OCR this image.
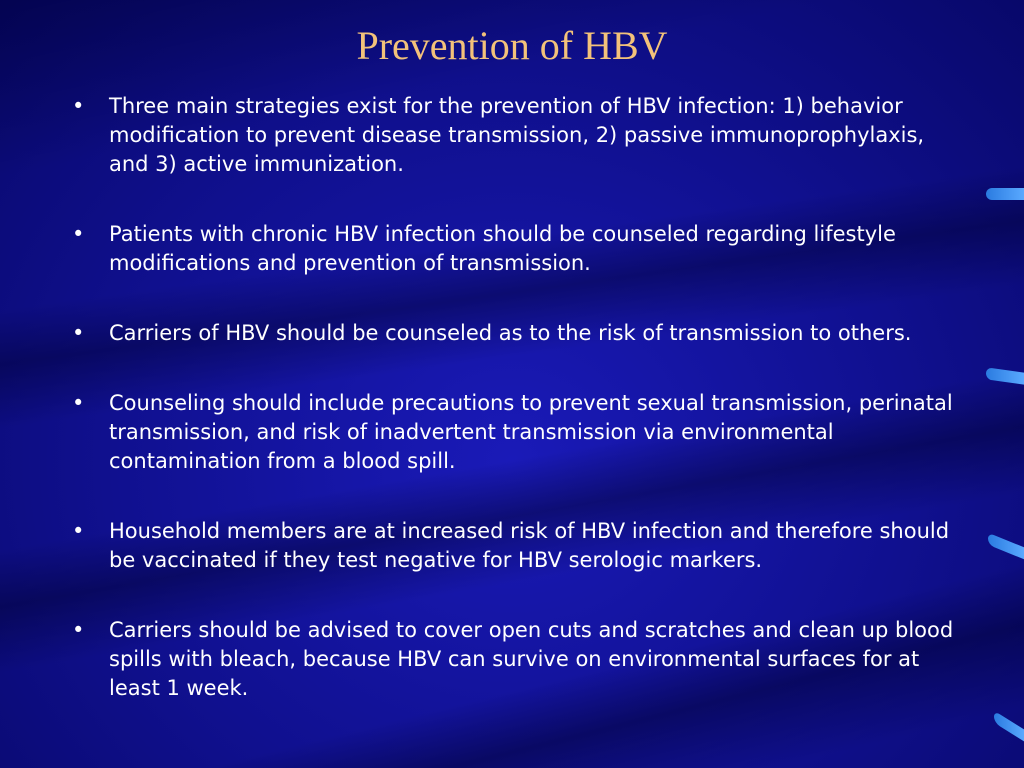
Prevention of HBV
• Three main strategies exist for the prevention of HBV infection: 1) behavior modification to prevent disease transmission, 2) passive immunoprophylaxis, and 3) active immunization.
• Patients with chronic HBV infection should be counseled regarding lifestyle modifications and prevention of transmission.
• Carriers of HBV should be counseled as to the risk of transmission to others.
• Counseling should include precautions to prevent sexual transmission, perinatal transmission, and risk of inadvertent transmission via environmental contamination from a blood spill.
• Household members are at increased risk of HBV infection and therefore should be vaccinated if they test negative for HBV serologic markers.
• Carriers should be advised to cover open cuts and scratches and clean up blood spills with bleach, because HBV can survive on environmental surfaces for at least 1 week.
